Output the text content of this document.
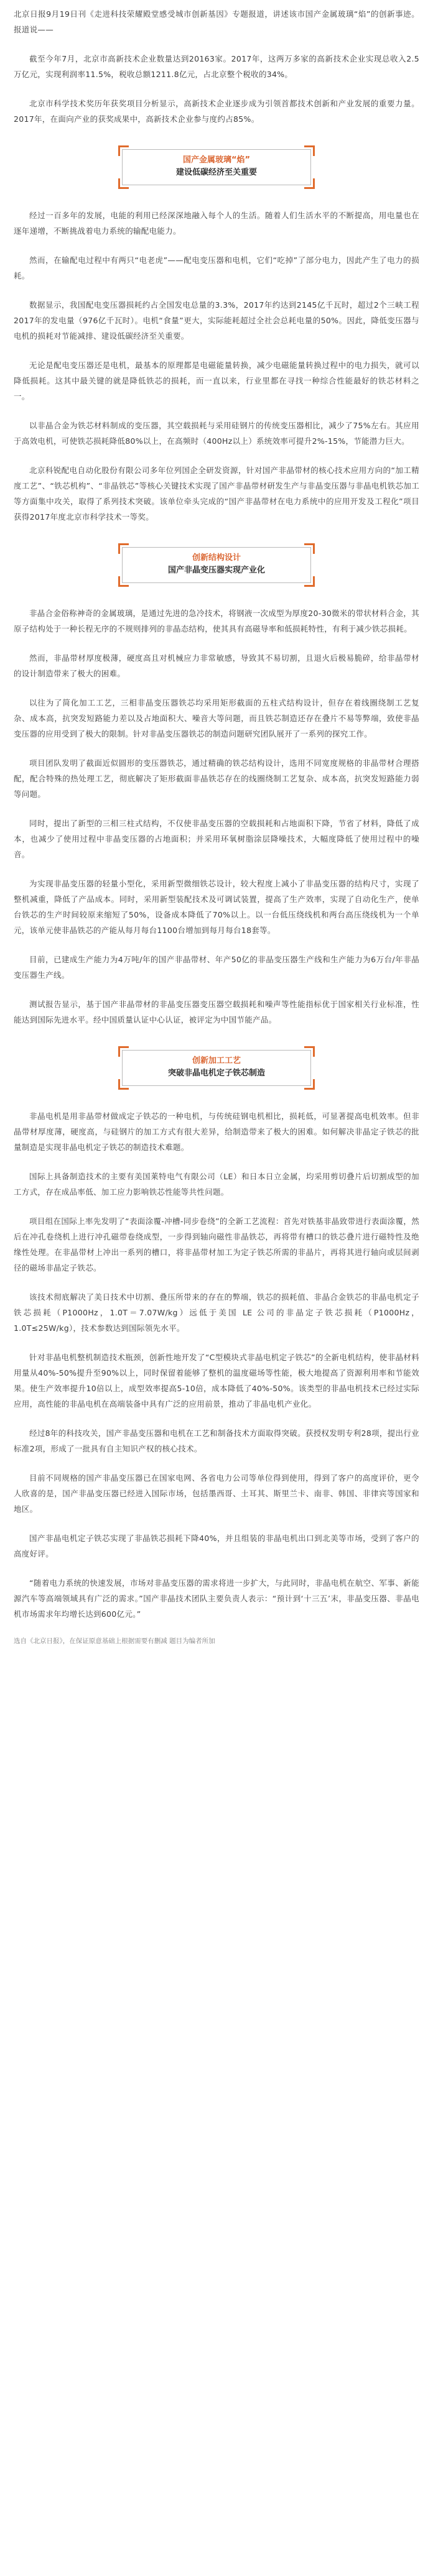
北京日报9月19日刊《走进科技荣耀殿堂感受城市创新基因》专题报道，讲述该市国产金属玻璃“焰”的创新事迹。报道说——

截至今年7月，北京市高新技术企业数量达到20163家。2017年，这两万多家的高新技术企业实现总收入2.5万亿元，实现利润率11.5%，税收总额1211.8亿元，占北京整个税收的34%。

北京市科学技术奖历年获奖项目分析显示，高新技术企业逐步成为引领首都技术创新和产业发展的重要力量。2017年，在面向产业的获奖成果中，高新技术企业参与度约占85%。

国产金属玻璃“焰”
建设低碳经济至关重要

经过一百多年的发展，电能的利用已经深深地融入每个人的生活。随着人们生活水平的不断提高，用电量也在逐年递增，不断挑战着电力系统的输配电能力。

然而，在输配电过程中有两只“电老虎”——配电变压器和电机，它们“吃掉”了部分电力，因此产生了电力的损耗。

数据显示，我国配电变压器损耗约占全国发电总量的3.3%，2017年约达到2145亿千瓦时，超过2个三峡工程2017年的发电量（976亿千瓦时）。电机“食量”更大，实际能耗超过全社会总耗电量的50%。因此，降低变压器与电机的损耗对节能减排、建设低碳经济至关重要。

无论是配电变压器还是电机，最基本的原理都是电磁能量转换，减少电磁能量转换过程中的电力损失，就可以降低损耗。这其中最关键的就是降低铁芯的损耗，而一直以来，行业里都在寻找一种综合性能最好的铁芯材料之一。

以非晶合金为铁芯材料制成的变压器，其空载损耗与采用硅钢片的传统变压器相比，减少了75%左右。其应用于高效电机，可使铁芯损耗降低80%以上，在高频时（400Hz以上）系统效率可提升2%-15%，节能潜力巨大。

北京科锐配电自动化股份有限公司多年位列国企全研发资源，针对国产非晶带材的核心技术应用方向的“加工精度工艺”、“铁芯机构”、“非晶铁芯”等核心关键技术实现了国产非晶带材研发生产与非晶变压器与非晶电机铁芯加工等方面集中攻关，取得了系列技术突破。该单位牵头完成的“国产非晶带材在电力系统中的应用开发及工程化”项目获得2017年度北京市科学技术一等奖。

创新结构设计
国产非晶变压器实现产业化

非晶合金俗称神奇的金属玻璃，是通过先进的急冷技术，将钢液一次成型为厚度20-30微米的带状材料合金，其原子结构处于一种长程无序的不规则排列的非晶态结构，使其具有高磁导率和低损耗特性，有利于减少铁芯损耗。

然而，非晶带材厚度极薄，硬度高且对机械应力非常敏感，导致其不易切割，且退火后极易脆碎，给非晶带材的设计制造带来了极大的困难。

以往为了简化加工工艺，三相非晶变压器铁芯均采用矩形截面的五柱式结构设计，但存在着线圈绕制工艺复杂、成本高，抗突发短路能力差以及占地面积大、噪音大等问题，而且铁芯制造还存在叠片不易等弊端，致使非晶变压器的应用受到了极大的限制。针对非晶变压器铁芯的制造问题研究团队展开了一系列的探究工作。

项目团队发明了截面近似圆形的变压器铁芯，通过精确的铁芯结构设计，选用不同宽度规格的非晶带材合理搭配，配合特殊的热处理工艺，彻底解决了矩形截面非晶铁芯存在的线圈绕制工艺复杂、成本高，抗突发短路能力弱等问题。

同时，提出了新型的三相三柱式结构，不仅使非晶变压器的空载损耗和占地面积下降，节省了材料，降低了成本，也减少了使用过程中非晶变压器的占地面积；并采用环氧树脂涂层降噪技术，大幅度降低了使用过程中的噪音。

为实现非晶变压器的轻量小型化，采用新型微细铁芯设计，较大程度上减小了非晶变压器的结构尺寸，实现了整机减重，降低了产品成本。同时，采用新型装配技术及可调试装置，提高了生产效率，实现了自动化生产，使单台铁芯的生产时间较原来缩短了50%，设备成本降低了70%以上。以一台低压绕线机和两台高压绕线机为一个单元，该单元使非晶铁芯的产能从每月每台1100台增加到每月每台18套等。

目前，已建成生产能力为4万吨/年的国产非晶带材、年产50亿的非晶变压器生产线和生产能力为6万台/年非晶变压器生产线。

测试报告显示，基于国产非晶带材的非晶变压器变压器空载损耗和噪声等性能指标优于国家相关行业标准，性能达到国际先进水平。经中国质量认证中心认证，被评定为中国节能产品。

创新加工工艺
突破非晶电机定子铁芯制造

非晶电机是用非晶带材做成定子铁芯的一种电机，与传统硅钢电机相比，损耗低，可显著提高电机效率。但非晶带材厚度薄，硬度高，与硅钢片的加工方式有很大差异，给制造带来了极大的困难。如何解决非晶定子铁芯的批量制造是实现非晶电机定子铁芯的制造技术难题。

国际上具备制造技术的主要有美国莱特电气有限公司（LE）和日本日立金属，均采用剪切叠片后切割成型的加工方式，存在成品率低、加工应力影响铁芯性能等共性问题。

项目组在国际上率先发明了“表面涂覆-冲槽-同步卷绕”的全新工艺流程：首先对铁基非晶致带进行表面涂覆，然后在冲孔卷绕机上进行冲孔磁带卷绕成型，一步得到轴向磁性非晶铁芯，再将带有槽口的铁芯叠片进行磁特性及绝缘性处理。在非晶带材上冲出一系列的槽口，将非晶带材加工为定子铁芯所需的非晶片，再将其进行轴向或层间剥径的磁场非晶定子铁芯。

该技术彻底解决了美日技术中切割、叠压所带来的存在的弊端，铁芯的损耗值、非晶合金铁芯的非晶电机定子铁芯损耗（P1000Hz，1.0T＝7.07W/kg）远低于美国 LE 公司的非晶定子铁芯损耗（P1000Hz，1.0T≤25W/kg），技术参数达到国际领先水平。

针对非晶电机整机制造技术瓶颈，创新性地开发了“C型模块式非晶电机定子铁芯”的全新电机结构，使非晶材料用量从40%-50%提升至90%以上，同时保留着能够了整机的温度磁场等性能，极大地提高了资源利用率和节能效果。使生产效率提升10倍以上，成型效率提高5-10倍，成本降低了40%-50%。该类型的非晶电机技术已经过实际应用，高性能的非晶电机在高端装备中具有广泛的应用前景，推动了非晶电机产业化。

经过8年的科技攻关，国产非晶变压器和电机在工艺和制备技术方面取得突破。获授权发明专利28项，提出行业标准2项，形成了一批具有自主知识产权的核心技术。

目前不同规格的国产非晶变压器已在国家电网、各省电力公司等单位得到使用，得到了客户的高度评价，更令人欣喜的是，国产非晶变压器已经进入国际市场，包括墨西哥、土耳其、斯里兰卡、南非、韩国、非律宾等国家和地区。

国产非晶电机定子铁芯实现了非晶铁芯损耗下降40%，并且组装的非晶电机出口到北美等市场，受到了客户的高度好评。

“随着电力系统的快速发展，市场对非晶变压器的需求将进一步扩大，与此同时，非晶电机在航空、军事、新能源汽车等高端领域具有广泛的需求。”国产非晶技术团队主要负责人表示：“预计到‘十三五’末，非晶变压器、非晶电机市场需求年均增长达到600亿元。”

选自《北京日报》，在保证原意基础上根据需要有删减 题目为编者所加
